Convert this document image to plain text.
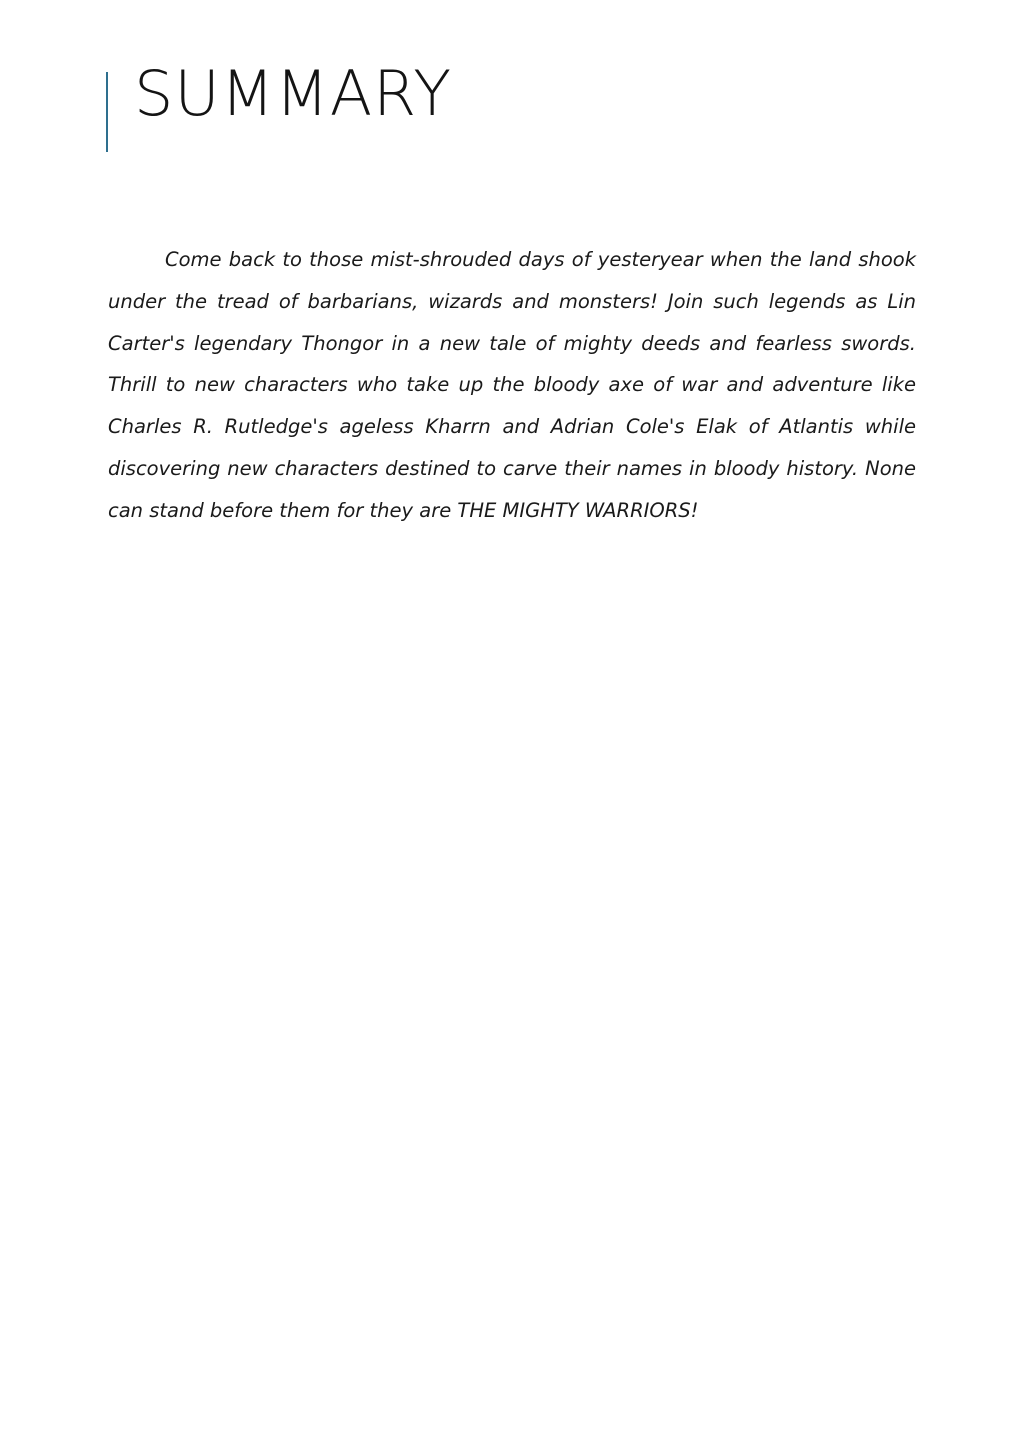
SUMMARY

Come back to those mist-shrouded days of yesteryear when the land shook under the tread of barbarians, wizards and monsters! Join such legends as Lin Carter's legendary Thongor in a new tale of mighty deeds and fearless swords. Thrill to new characters who take up the bloody axe of war and adventure like Charles R. Rutledge's ageless Kharrn and Adrian Cole's Elak of Atlantis while discovering new characters destined to carve their names in bloody history. None can stand before them for they are THE MIGHTY WARRIORS!
